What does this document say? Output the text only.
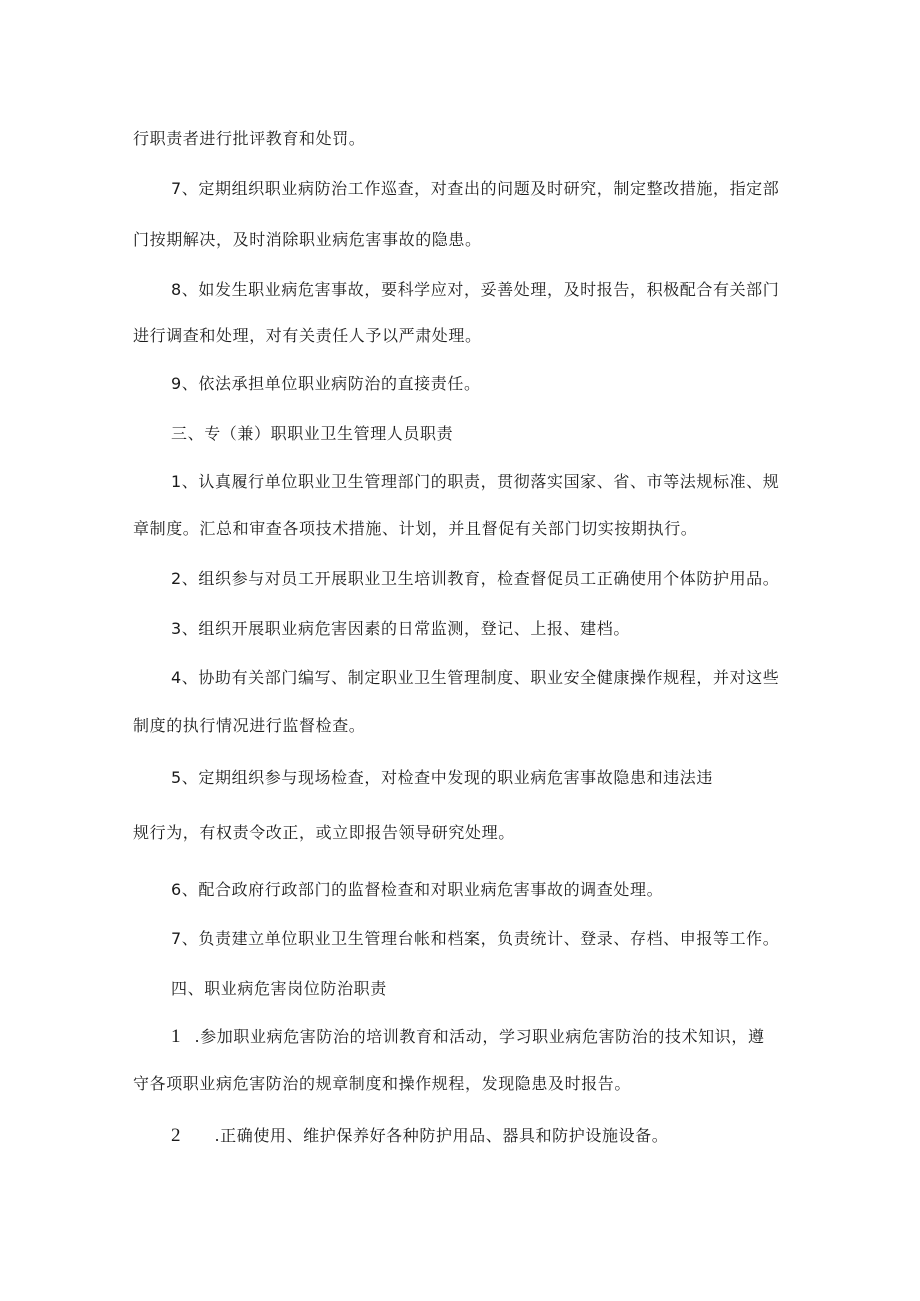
行职责者进行批评教育和处罚。
7、定期组织职业病防治工作巡查，对查出的问题及时研究，制定整改措施，指定部
门按期解决，及时消除职业病危害事故的隐患。
8、如发生职业病危害事故，要科学应对，妥善处理，及时报告，积极配合有关部门
进行调查和处理，对有关责任人予以严肃处理。
9、依法承担单位职业病防治的直接责任。
三、专（兼）职职业卫生管理人员职责
1、认真履行单位职业卫生管理部门的职责，贯彻落实国家、省、市等法规标准、规
章制度。汇总和审查各项技术措施、计划，并且督促有关部门切实按期执行。
2、组织参与对员工开展职业卫生培训教育，检查督促员工正确使用个体防护用品。
3、组织开展职业病危害因素的日常监测，登记、上报、建档。
4、协助有关部门编写、制定职业卫生管理制度、职业安全健康操作规程，并对这些
制度的执行情况进行监督检查。
5、定期组织参与现场检查，对检查中发现的职业病危害事故隐患和违法违
规行为，有权责令改正，或立即报告领导研究处理。
6、配合政府行政部门的监督检查和对职业病危害事故的调查处理。
7、负责建立单位职业卫生管理台帐和档案，负责统计、登录、存档、申报等工作。
四、职业病危害岗位防治职责
1 .参加职业病危害防治的培训教育和活动，学习职业病危害防治的技术知识，遵
守各项职业病危害防治的规章制度和操作规程，发现隐患及时报告。
2 .正确使用、维护保养好各种防护用品、器具和防护设施设备。
